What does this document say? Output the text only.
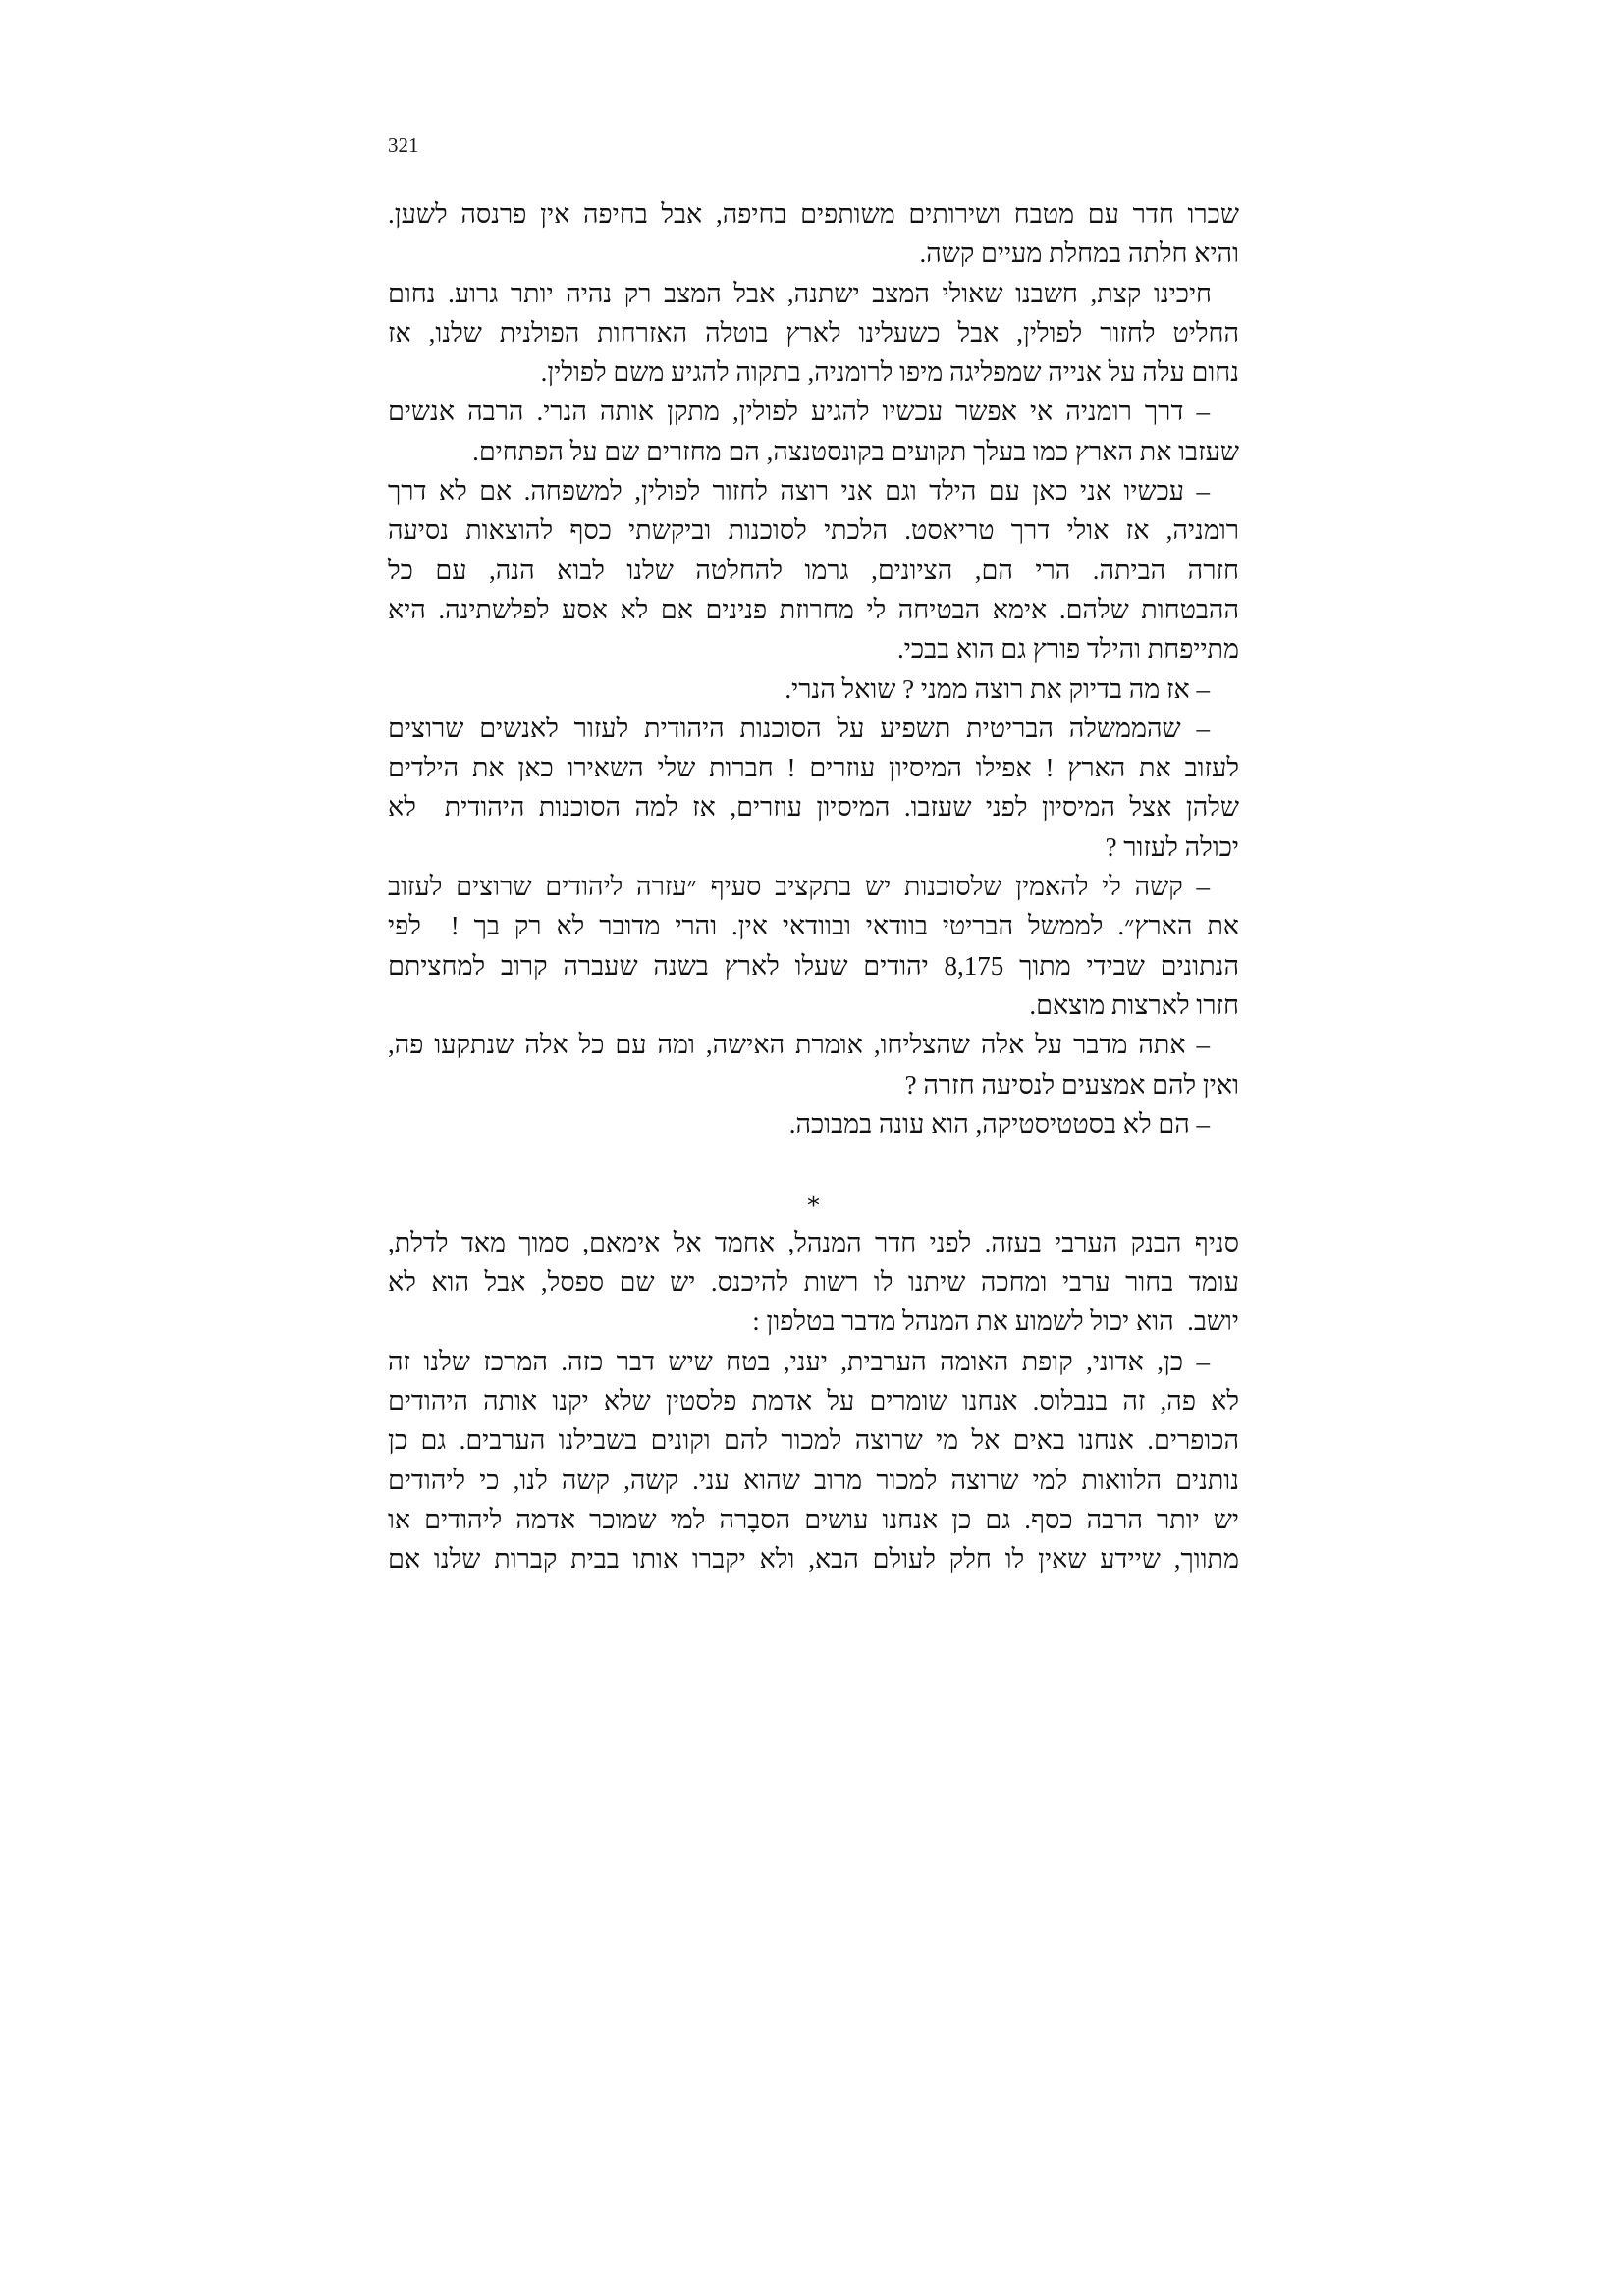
321
שכרו חדר עם מטבח ושירותים משותפים בחיפה, אבל בחיפה אין פרנסה לשען.
והיא חלתה במחלת מעיים קשה.
חיכינו קצת, חשבנו שאולי המצב ישתנה, אבל המצב רק נהיה יותר גרוע. נחום
החליט לחזור לפולין, אבל כשעלינו לארץ בוטלה האזרחות הפולנית שלנו, אז
נחום עלה על אנייה שמפליגה מיפו לרומניה, בתקוה להגיע משם לפולין.
– דרך רומניה אי אפשר עכשיו להגיע לפולין, מתקן אותה הנרי. הרבה אנשים
שעזבו את הארץ כמו בעלך תקועים בקונסטנצה, הם מחזרים שם על הפתחים.
– עכשיו אני כאן עם הילד וגם אני רוצה לחזור לפולין, למשפחה. אם לא דרך
רומניה, אז אולי דרך טריאסט. הלכתי לסוכנות וביקשתי כסף להוצאות נסיעה
חזרה הביתה. הרי הם, הציונים, גרמו להחלטה שלנו לבוא הנה, עם כל
ההבטחות שלהם. אימא הבטיחה לי מחרוזת פנינים אם לא אסע לפלשתינה. היא
מתייפחת והילד פורץ גם הוא בבכי.
– אז מה בדיוק את רוצה ממני ? שואל הנרי.
– שהממשלה הבריטית תשפיע על הסוכנות היהודית לעזור לאנשים שרוצים
לעזוב את הארץ ! אפילו המיסיון עוזרים ! חברות שלי השאירו כאן את הילדים
שלהן אצל המיסיון לפני שעזבו. המיסיון עוזרים, אז למה הסוכנות היהודית  לא
יכולה לעזור ?
– קשה לי להאמין שלסוכנות יש בתקציב סעיף ״עזרה ליהודים שרוצים לעזוב
את הארץ״. לממשל הבריטי בוודאי ובוודאי אין. והרי מדובר לא רק בך !  לפי
הנתונים שבידי מתוך 8,175 יהודים שעלו לארץ בשנה שעברה קרוב למחציתם
חזרו לארצות מוצאם.
– אתה מדבר על אלה שהצליחו, אומרת האישה, ומה עם כל אלה שנתקעו פה,
ואין להם אמצעים לנסיעה חזרה ?
– הם לא בסטטיסטיקה, הוא עונה במבוכה.
*
סניף הבנק הערבי בעזה. לפני חדר המנהל, אחמד אל אימאם, סמוך מאד לדלת,
עומד בחור ערבי ומחכה שיתנו לו רשות להיכנס. יש שם ספסל, אבל הוא לא
יושב.  הוא יכול לשמוע את המנהל מדבר בטלפון :
– כן, אדוני, קופת האומה הערבית, יעני, בטח שיש דבר כזה. המרכז שלנו זה
לא פה, זה בנבלוס. אנחנו שומרים על אדמת פלסטין שלא יקנו אותה היהודים
הכופרים. אנחנו באים אל מי שרוצה למכור להם וקונים בשבילנו הערבים. גם כן
נותנים הלוואות למי שרוצה למכור מרוב שהוא עני. קשה, קשה לנו, כי ליהודים
יש יותר הרבה כסף. גם כן אנחנו עושים הסבָרה למי שמוכר אדמה ליהודים או
מתווך, שיידע שאין לו חלק לעולם הבא, ולא יקברו אותו בבית קברות שלנו אם
